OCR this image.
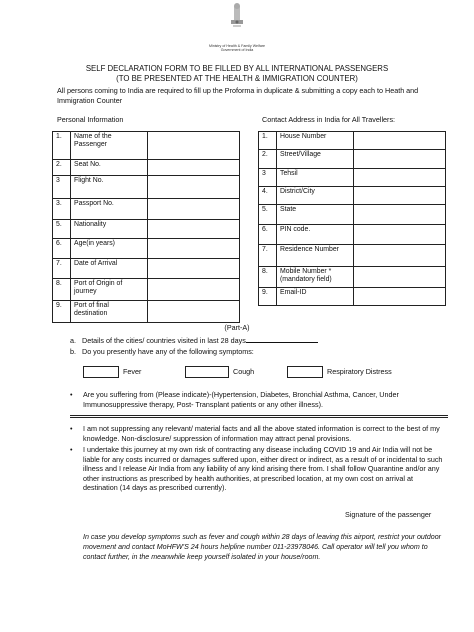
Ministry of Health & Family Welfare
Government of India
SELF DECLARATION FORM TO BE FILLED BY ALL INTERNATIONAL PASSENGERS
(TO BE PRESENTED AT THE HEALTH & IMMIGRATION COUNTER)
All persons coming to India are required to fill up the Proforma in duplicate & submitting a copy each to Heath and Immigration Counter
Personal Information	Contact Address in India for All Travellers:
1.	Name of the Passenger	
2.	Seat No.	
3	Flight No.	
3.	Passport No.	
5.	Nationality	
6.	Age(in years)	
7.	Date of Arrival	
8.	Port of Origin of journey	
9.	Port of final destination	
1.	House Number	
2.	Street/Village	
3	Tehsil	
4.	District/City	
5.	State	
6.	PIN code.	
7.	Residence Number	
8.	Mobile Number * (mandatory field)	
9.	Email-ID	
(Part-A)
a. Details of the cities/ countries visited in last 28 days
b. Do you presently have any of the following symptoms:
Fever	Cough	Respiratory Distress
• Are you suffering from (Please indicate)-(Hypertension, Diabetes, Bronchial Asthma, Cancer, Under Immunosuppressive therapy, Post- Transplant patients or any other illness).
• I am not suppressing any relevant/ material facts and all the above stated information is correct to the best of my knowledge. Non-disclosure/ suppression of information may attract penal provisions.
• I undertake this journey at my own risk of contracting any disease including COVID 19 and Air India will not be liable for any costs incurred or damages suffered upon, either direct or indirect, as a result of or incidental to such illness and I release Air India from any liability of any kind arising there from. I shall follow Quarantine and/or any other instructions as prescribed by health authorities, at prescribed location, at my own cost on arrival at destination (14 days as prescribed currently).
Signature of the passenger
In case you develop symptoms such as fever and cough within 28 days of leaving this airport, restrict your outdoor movement and contact MoHFW'S 24 hours helpline number 011-23978046. Call operator will tell you whom to contact further, in the meanwhile keep yourself isolated in your house/room.
